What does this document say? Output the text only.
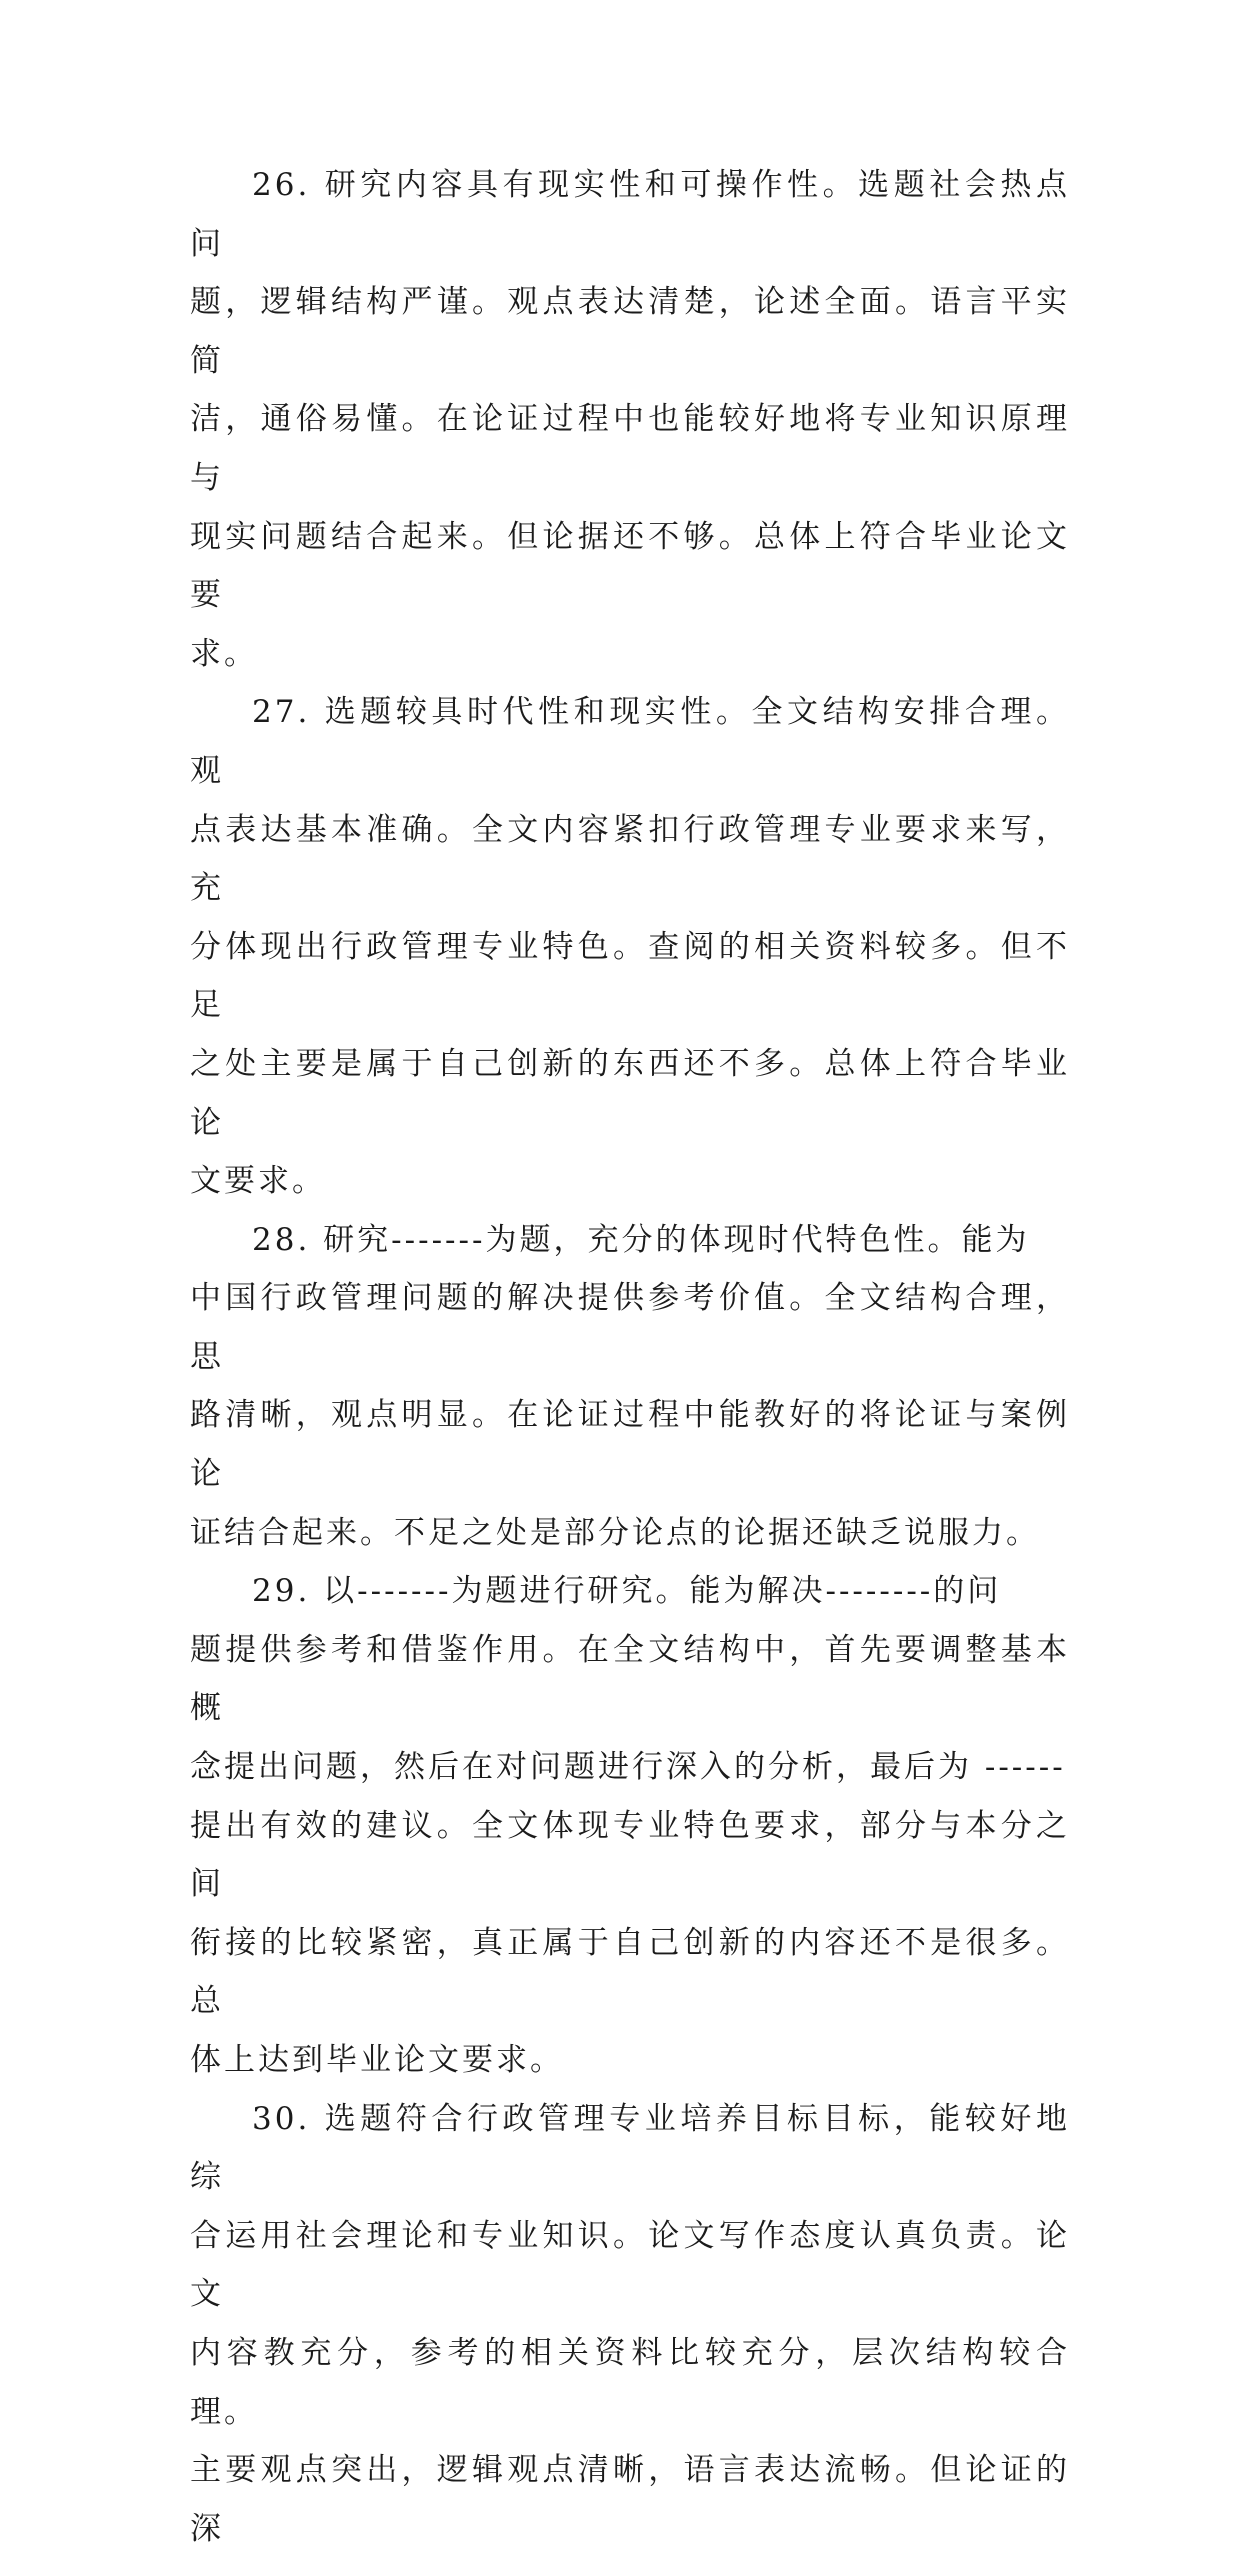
26. 研究内容具有现实性和可操作性。选题社会热点问
题，逻辑结构严谨。观点表达清楚，论述全面。语言平实简
洁，通俗易懂。在论证过程中也能较好地将专业知识原理与
现实问题结合起来。但论据还不够。总体上符合毕业论文要
求。

27. 选题较具时代性和现实性。全文结构安排合理。观
点表达基本准确。全文内容紧扣行政管理专业要求来写，充
分体现出行政管理专业特色。查阅的相关资料较多。但不足
之处主要是属于自己创新的东西还不多。总体上符合毕业论
文要求。

28. 研究-------为题，充分的体现时代特色性。能为
中国行政管理问题的解决提供参考价值。全文结构合理，思
路清晰，观点明显。在论证过程中能教好的将论证与案例论
证结合起来。不足之处是部分论点的论据还缺乏说服力。

29. 以-------为题进行研究。能为解决--------的问
题提供参考和借鉴作用。在全文结构中，首先要调整基本概
念提出问题，然后在对问题进行深入的分析，最后为 ------
提出有效的建议。全文体现专业特色要求，部分与本分之间
衔接的比较紧密，真正属于自己创新的内容还不是很多。总
体上达到毕业论文要求。

30. 选题符合行政管理专业培养目标目标，能较好地综
合运用社会理论和专业知识。论文写作态度认真负责。论文
内容教充分，参考的相关资料比较充分，层次结构较合理。
主要观点突出，逻辑观点清晰，语言表达流畅。但论证的深
